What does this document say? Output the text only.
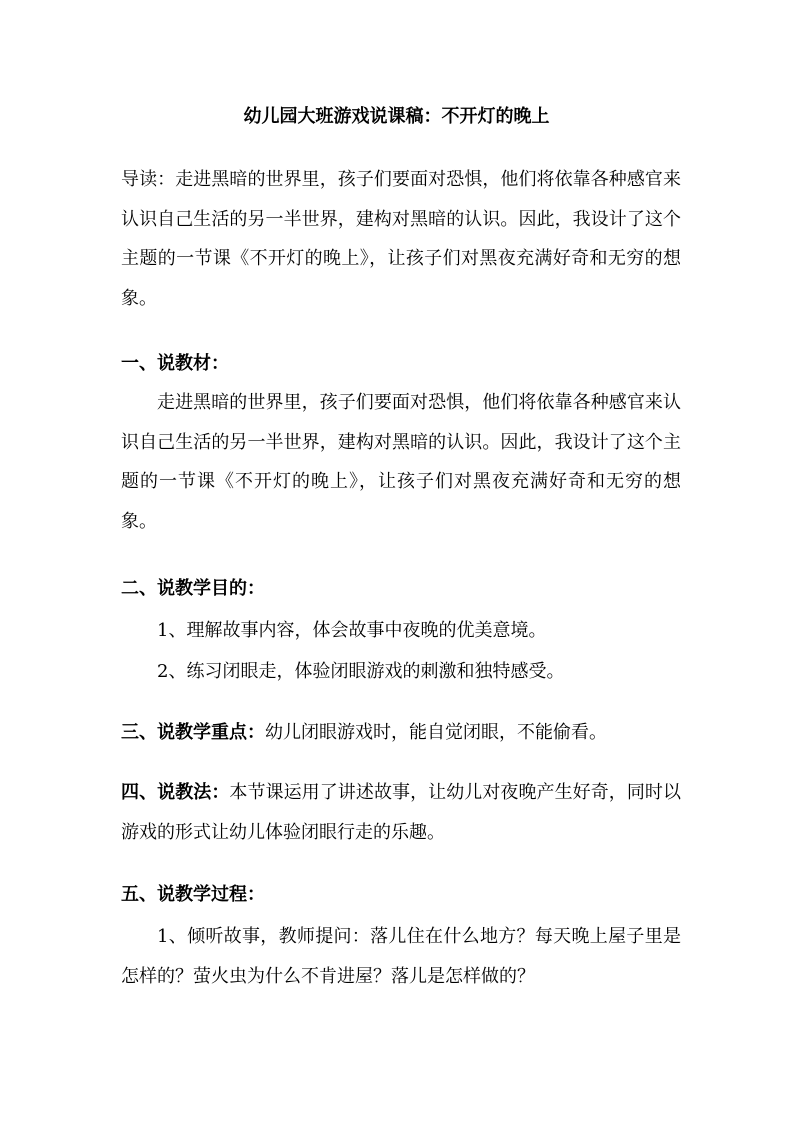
幼儿园大班游戏说课稿：不开灯的晚上
导读：走进黑暗的世界里，孩子们要面对恐惧，他们将依靠各种感官来认识自己生活的另一半世界，建构对黑暗的认识。因此，我设计了这个主题的一节课《不开灯的晚上》，让孩子们对黑夜充满好奇和无穷的想象。
一、说教材：
走进黑暗的世界里，孩子们要面对恐惧，他们将依靠各种感官来认识自己生活的另一半世界，建构对黑暗的认识。因此，我设计了这个主题的一节课《不开灯的晚上》，让孩子们对黑夜充满好奇和无穷的想象。
二、说教学目的：
1、理解故事内容，体会故事中夜晚的优美意境。
2、练习闭眼走，体验闭眼游戏的刺激和独特感受。
三、说教学重点：幼儿闭眼游戏时，能自觉闭眼，不能偷看。
四、说教法：本节课运用了讲述故事，让幼儿对夜晚产生好奇，同时以游戏的形式让幼儿体验闭眼行走的乐趣。
五、说教学过程：
1、倾听故事，教师提问：落儿住在什么地方？每天晚上屋子里是怎样的？萤火虫为什么不肯进屋？落儿是怎样做的？
